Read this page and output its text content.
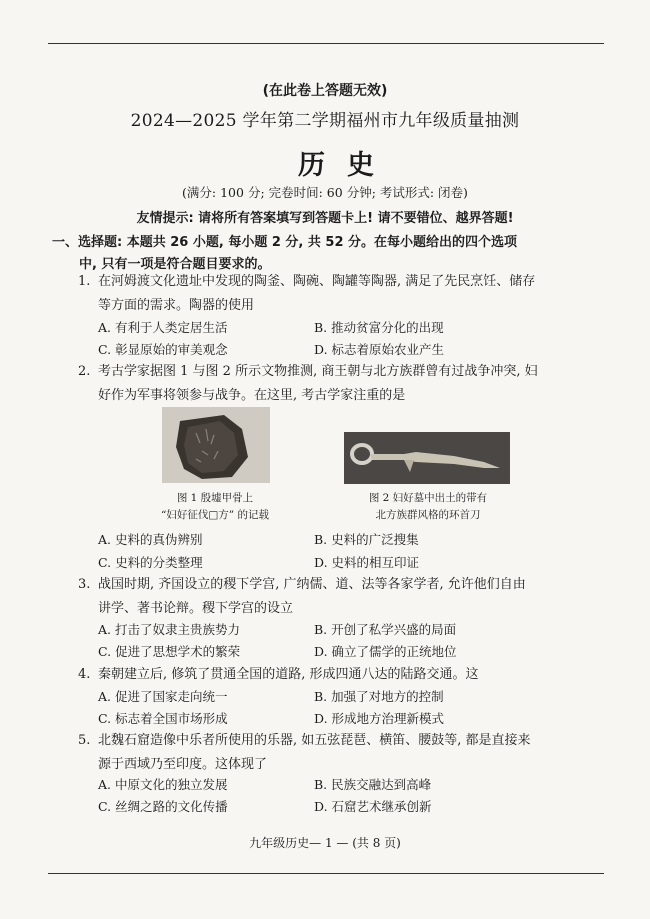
(在此卷上答题无效)
2024—2025 学年第二学期福州市九年级质量抽测
历史
(满分: 100 分; 完卷时间: 60 分钟; 考试形式: 闭卷)
友情提示: 请将所有答案填写到答题卡上! 请不要错位、越界答题!
一、选择题: 本题共 26 小题, 每小题 2 分, 共 52 分。在每小题给出的四个选项
中, 只有一项是符合题目要求的。
1. 在河姆渡文化遗址中发现的陶釜、陶碗、陶罐等陶器, 满足了先民烹饪、储存
等方面的需求。陶器的使用
A. 有利于人类定居生活	B. 推动贫富分化的出现
C. 彰显原始的审美观念	D. 标志着原始农业产生
2. 考古学家据图 1 与图 2 所示文物推测, 商王朝与北方族群曾有过战争冲突, 妇
好作为军事将领参与战争。在这里, 考古学家注重的是
图 1 殷墟甲骨上
“妇好征伐□方” 的记载
图 2 妇好墓中出土的带有
北方族群风格的环首刀
A. 史料的真伪辨别	B. 史料的广泛搜集
C. 史料的分类整理	D. 史料的相互印证
3. 战国时期, 齐国设立的稷下学宫, 广纳儒、道、法等各家学者, 允许他们自由
讲学、著书论辩。稷下学宫的设立
A. 打击了奴隶主贵族势力	B. 开创了私学兴盛的局面
C. 促进了思想学术的繁荣	D. 确立了儒学的正统地位
4. 秦朝建立后, 修筑了贯通全国的道路, 形成四通八达的陆路交通。这
A. 促进了国家走向统一	B. 加强了对地方的控制
C. 标志着全国市场形成	D. 形成地方治理新模式
5. 北魏石窟造像中乐者所使用的乐器, 如五弦琵琶、横笛、腰鼓等, 都是直接来
源于西域乃至印度。这体现了
A. 中原文化的独立发展	B. 民族交融达到高峰
C. 丝绸之路的文化传播	D. 石窟艺术继承创新
九年级历史— 1 — (共 8 页)
